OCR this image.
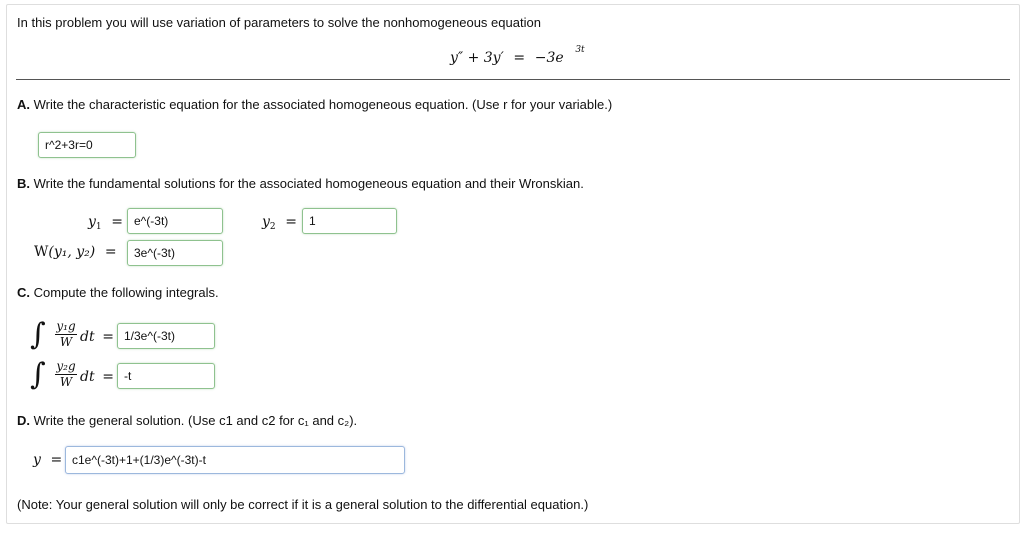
In this problem you will use variation of parameters to solve the nonhomogeneous equation
y″ + 3y′ = −3e $^{3t}$
A. Write the characteristic equation for the associated homogeneous equation. (Use r for your variable.)
r^2+3r=0
B. Write the fundamental solutions for the associated homogeneous equation and their Wronskian.
$y_1$ = e^(-3t)	$y_2 = 1$
W(y₁, y₂) =	3e^(-3t)
C. Compute the following integrals.
∫ y₁g
W dt = 1/3e^(-3t)
∫ y₂g
W dt = -t
D. Write the general solution. (Use c1 and c2 for c₁ and c₂).
y = c1e^(-3t)+1+(1/3)e^(-3t)-t
(Note: Your general solution will only be correct if it is a general solution to the differential equation.)
